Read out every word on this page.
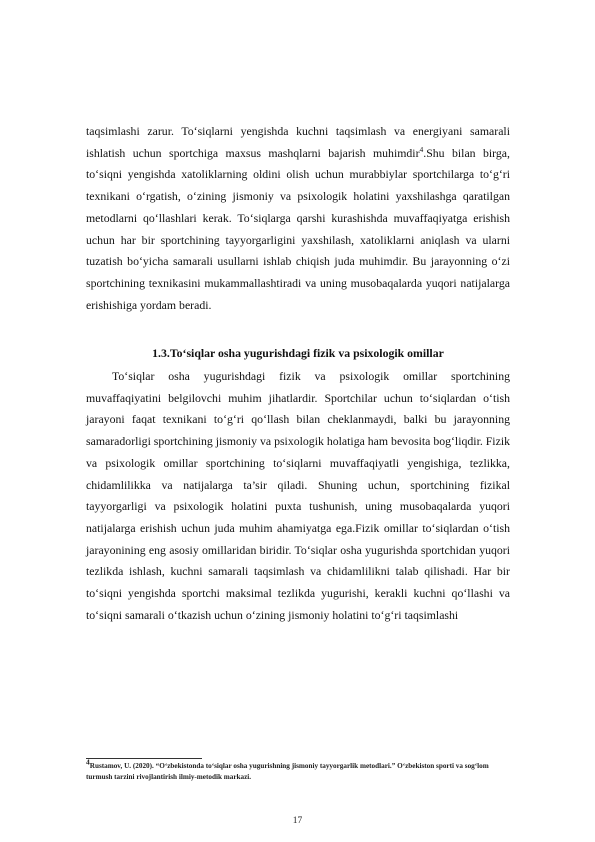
taqsimlashi zarur. To‘siqlarni yengishda kuchni taqsimlash va energiyani samarali ishlatish uchun sportchiga maxsus mashqlarni bajarish muhimdir$^4$.Shu bilan birga, to‘siqni yengishda xatoliklarning oldini olish uchun murabbiylar sportchilarga to‘g‘ri texnikani o‘rgatish, o‘zining jismoniy va psixologik holatini yaxshilashga qaratilgan metodlarni qo‘llashlari kerak. To‘siqlarga qarshi kurashishda muvaffaqiyatga erishish uchun har bir sportchining tayyorgarligini yaxshilash, xatoliklarni aniqlash va ularni tuzatish bo‘yicha samarali usullarni ishlab chiqish juda muhimdir. Bu jarayonning o‘zi sportchining texnikasini mukammallashtiradi va uning musobaqalarda yuqori natijalarga erishishiga yordam beradi.

1.3.To‘siqlar osha yugurishdagi fizik va psixologik omillar

To‘siqlar osha yugurishdagi fizik va psixologik omillar sportchining muvaffaqiyatini belgilovchi muhim jihatlardir. Sportchilar uchun to‘siqlardan o‘tish jarayoni faqat texnikani to‘g‘ri qo‘llash bilan cheklanmaydi, balki bu jarayonning samaradorligi sportchining jismoniy va psixologik holatiga ham bevosita bog‘liqdir. Fizik va psixologik omillar sportchining to‘siqlarni muvaffaqiyatli yengishiga, tezlikka, chidamlilikka va natijalarga ta’sir qiladi. Shuning uchun, sportchining fizikal tayyorgarligi va psixologik holatini puxta tushunish, uning musobaqalarda yuqori natijalarga erishish uchun juda muhim ahamiyatga ega.Fizik omillar to‘siqlardan o‘tish jarayonining eng asosiy omillaridan biridir. To‘siqlar osha yugurishda sportchidan yuqori tezlikda ishlash, kuchni samarali taqsimlash va chidamlilikni talab qilishadi. Har bir to‘siqni yengishda sportchi maksimal tezlikda yugurishi, kerakli kuchni qo‘llashi va to‘siqni samarali o‘tkazish uchun o‘zining jismoniy holatini to‘g‘ri taqsimlashi

$^4$Rustamov, U. (2020). “O‘zbekistonda to‘siqlar osha yugurishning jismoniy tayyorgarlik metodlari.” O‘zbekiston sporti va sog‘lom turmush tarzini rivojlantirish ilmiy-metodik markazi.

17
